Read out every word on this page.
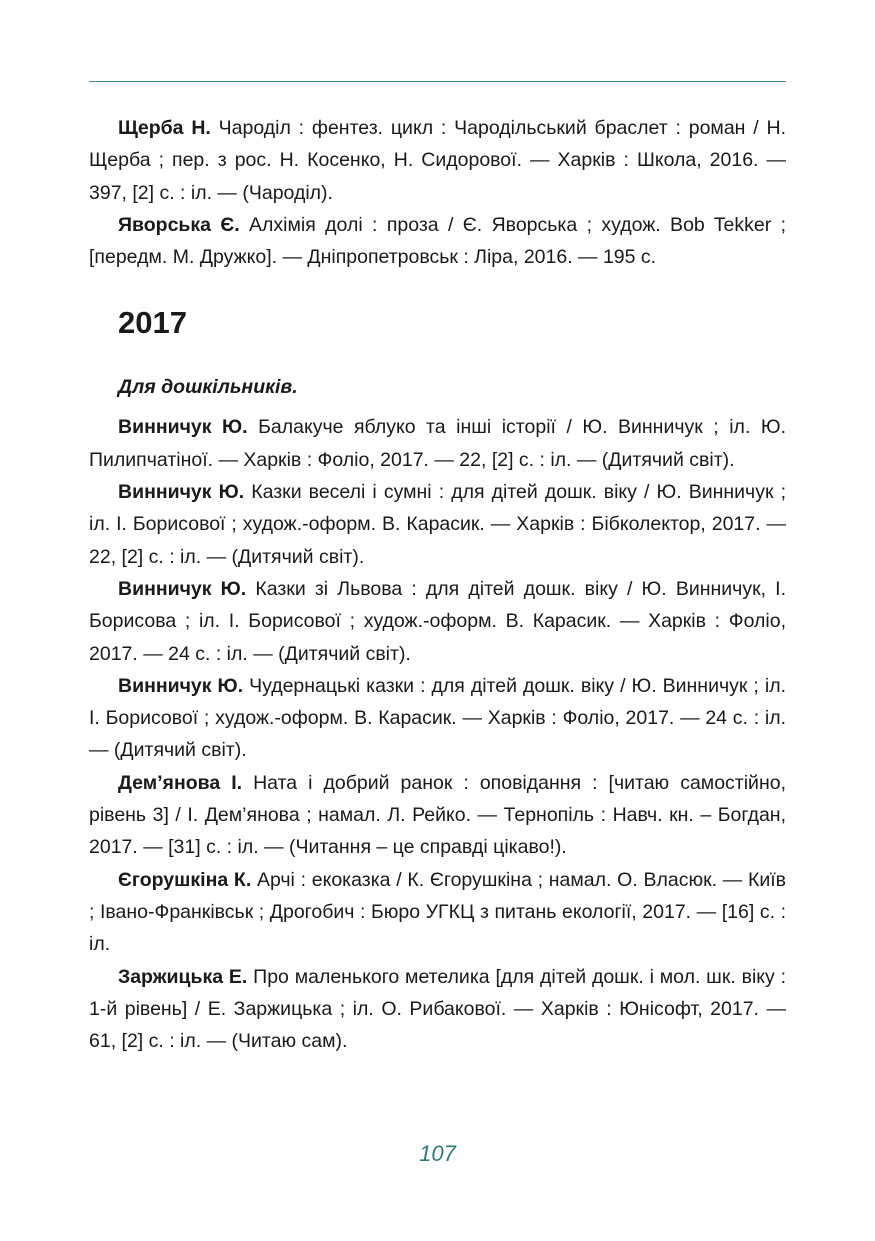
Щерба Н. Чароділ : фентез. цикл : Чародільський браслет : роман / Н. Щерба ; пер. з рос. Н. Косенко, Н. Сидорової. — Харків : Школа, 2016. — 397, [2] с. : іл. — (Чароділ).

Яворська Є. Алхімія долі : проза / Є. Яворська ; худож. Bob Tekker ; [передм. М. Дружко]. — Дніпропетровськ : Ліра, 2016. — 195 с.

2017
Для дошкільників.

Винничук Ю. Балакуче яблуко та інші історії / Ю. Винничук ; іл. Ю. Пилипчатіної. — Харків : Фоліо, 2017. — 22, [2] с. : іл. — (Дитячий світ).

Винничук Ю. Казки веселі і сумні : для дітей дошк. віку / Ю. Винничук ; іл. І. Борисової ; худож.-оформ. В. Карасик. — Харків : Бібколектор, 2017. — 22, [2] с. : іл. — (Дитячий світ).

Винничук Ю. Казки зі Львова : для дітей дошк. віку / Ю. Винничук, І. Борисова ; іл. І. Борисової ; худож.-оформ. В. Карасик. — Харків : Фоліо, 2017. — 24 с. : іл. — (Дитячий світ).

Винничук Ю. Чудернацькі казки : для дітей дошк. віку / Ю. Винничук ; іл. І. Борисової ; худож.-оформ. В. Карасик. — Харків : Фоліо, 2017. — 24 с. : іл. — (Дитячий світ).

Дем’янова І. Ната і добрий ранок : оповідання : [читаю самостійно, рівень 3] / І. Дем’янова ; намал. Л. Рейко. — Тернопіль : Навч. кн. – Богдан, 2017. — [31] с. : іл. — (Читання – це справді цікаво!).

Єгорушкіна К. Арчі : екоказка / К. Єгорушкіна ; намал. О. Власюк. — Київ ; Івано-Франківськ ; Дрогобич : Бюро УГКЦ з питань екології, 2017. — [16] с. : іл.

Заржицька Е. Про маленького метелика [для дітей дошк. і мол. шк. віку : 1-й рівень] / Е. Заржицька ; іл. О. Рибакової. — Харків : Юнісофт, 2017. — 61, [2] с. : іл. — (Читаю сам).

107
